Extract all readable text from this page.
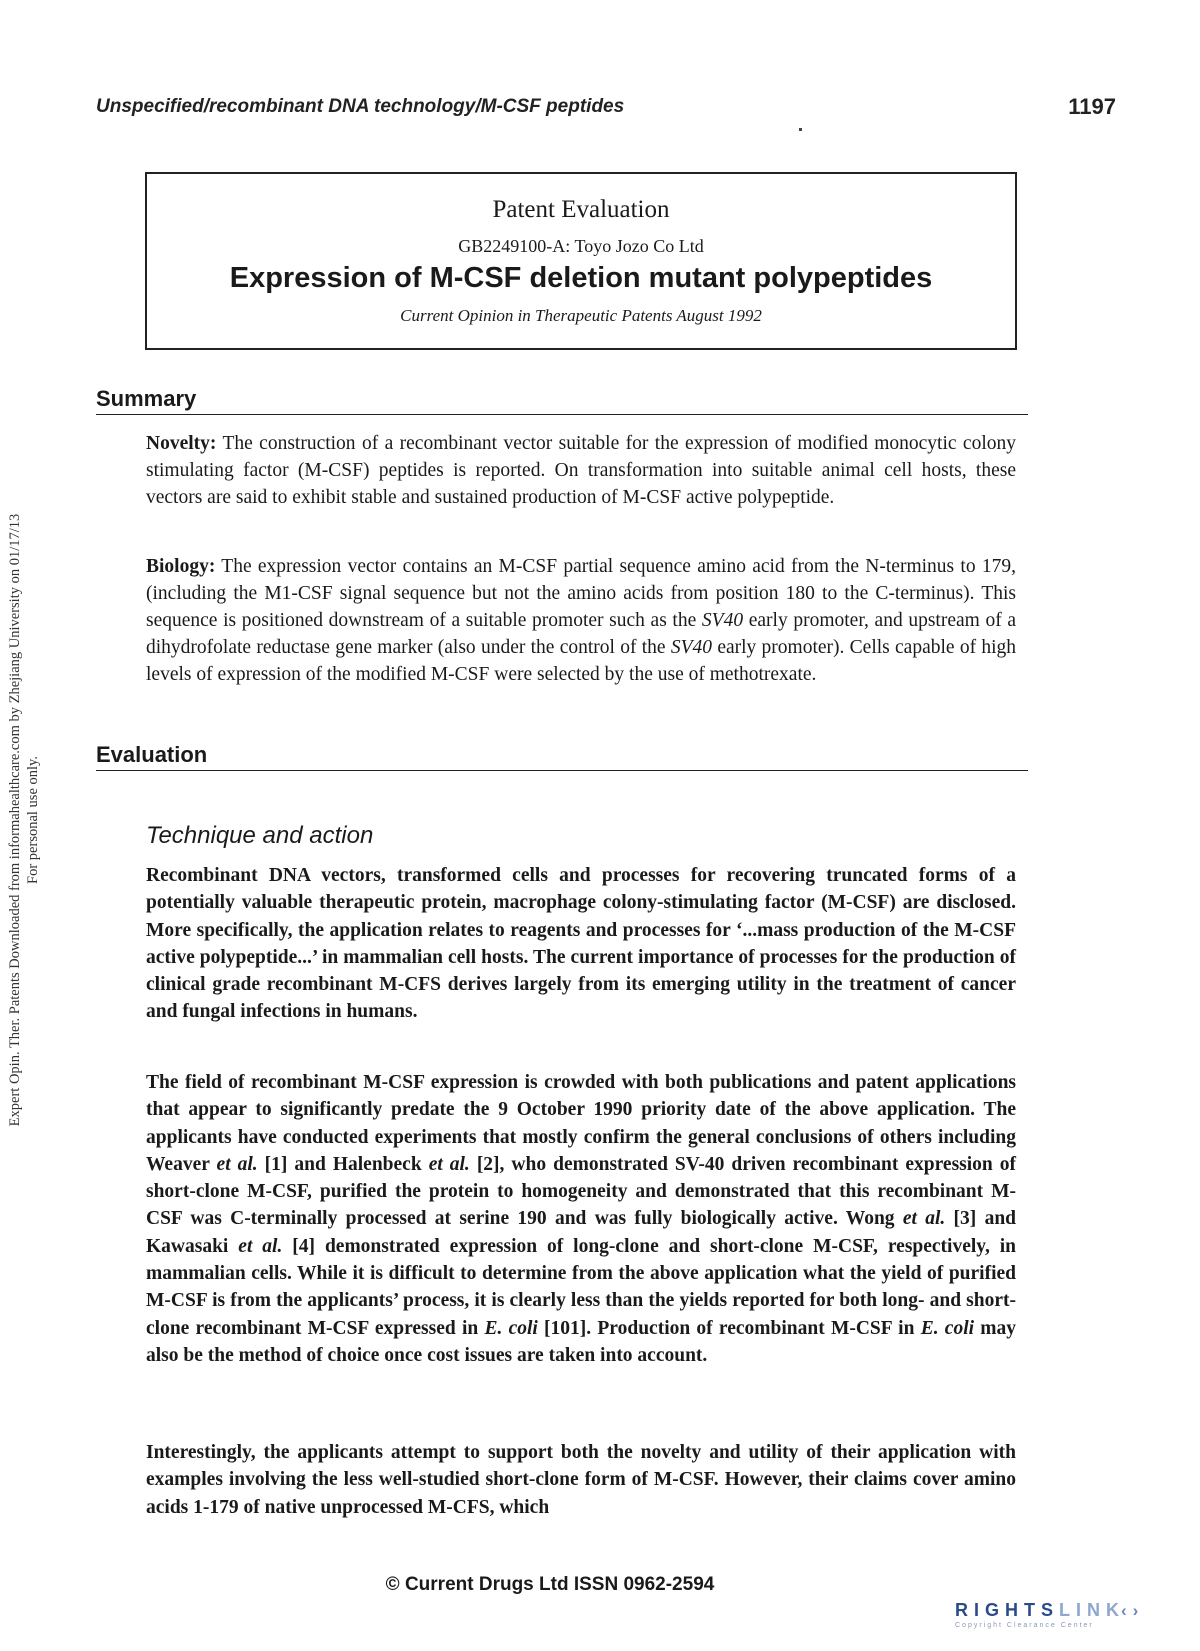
Unspecified/recombinant DNA technology/M-CSF peptides	1197
Patent Evaluation
GB2249100-A: Toyo Jozo Co Ltd
Expression of M-CSF deletion mutant polypeptides
Current Opinion in Therapeutic Patents August 1992
Summary

Novelty: The construction of a recombinant vector suitable for the expression of modified monocytic colony stimulating factor (M-CSF) peptides is reported. On transformation into suitable animal cell hosts, these vectors are said to exhibit stable and sustained production of M-CSF active polypeptide.

Biology: The expression vector contains an M-CSF partial sequence amino acid from the N-terminus to 179, (including the M1-CSF signal sequence but not the amino acids from position 180 to the C-terminus). This sequence is positioned downstream of a suitable promoter such as the SV40 early promoter, and upstream of a dihydrofolate reductase gene marker (also under the control of the SV40 early promoter). Cells capable of high levels of expression of the modified M-CSF were selected by the use of methotrexate.

Evaluation
Technique and action

Recombinant DNA vectors, transformed cells and processes for recovering truncated forms of a potentially valuable therapeutic protein, macrophage colony-stimulating factor (M-CSF) are disclosed. More specifically, the application relates to reagents and processes for ‘...mass production of the M-CSF active polypeptide...’ in mammalian cell hosts. The current importance of processes for the production of clinical grade recombinant M-CFS derives largely from its emerging utility in the treatment of cancer and fungal infections in humans.

The field of recombinant M-CSF expression is crowded with both publications and patent applications that appear to significantly predate the 9 October 1990 priority date of the above application. The applicants have conducted experiments that mostly confirm the general conclusions of others including Weaver et al. [1] and Halenbeck et al. [2], who demonstrated SV-40 driven recombinant expression of short-clone M-CSF, purified the protein to homogeneity and demonstrated that this recombinant M-CSF was C-terminally processed at serine 190 and was fully biologically active. Wong et al. [3] and Kawasaki et al. [4] demonstrated expression of long-clone and short-clone M-CSF, respectively, in mammalian cells. While it is difficult to determine from the above application what the yield of purified M-CSF is from the applicants’ process, it is clearly less than the yields reported for both long- and short-clone recombinant M-CSF expressed in E. coli [101]. Production of recombinant M-CSF in E. coli may also be the method of choice once cost issues are taken into account.

Interestingly, the applicants attempt to support both the novelty and utility of their application with examples involving the less well-studied short-clone form of M-CSF. However, their claims cover amino acids 1-179 of native unprocessed M-CFS, which

Expert Opin. Ther. Patents Downloaded from informahealthcare.com by Zhejiang University on 01/17/13 For personal use only.
© Current Drugs Ltd ISSN 0962-2594
RIGHTSLINK‹›
Copyright Clearance Center
